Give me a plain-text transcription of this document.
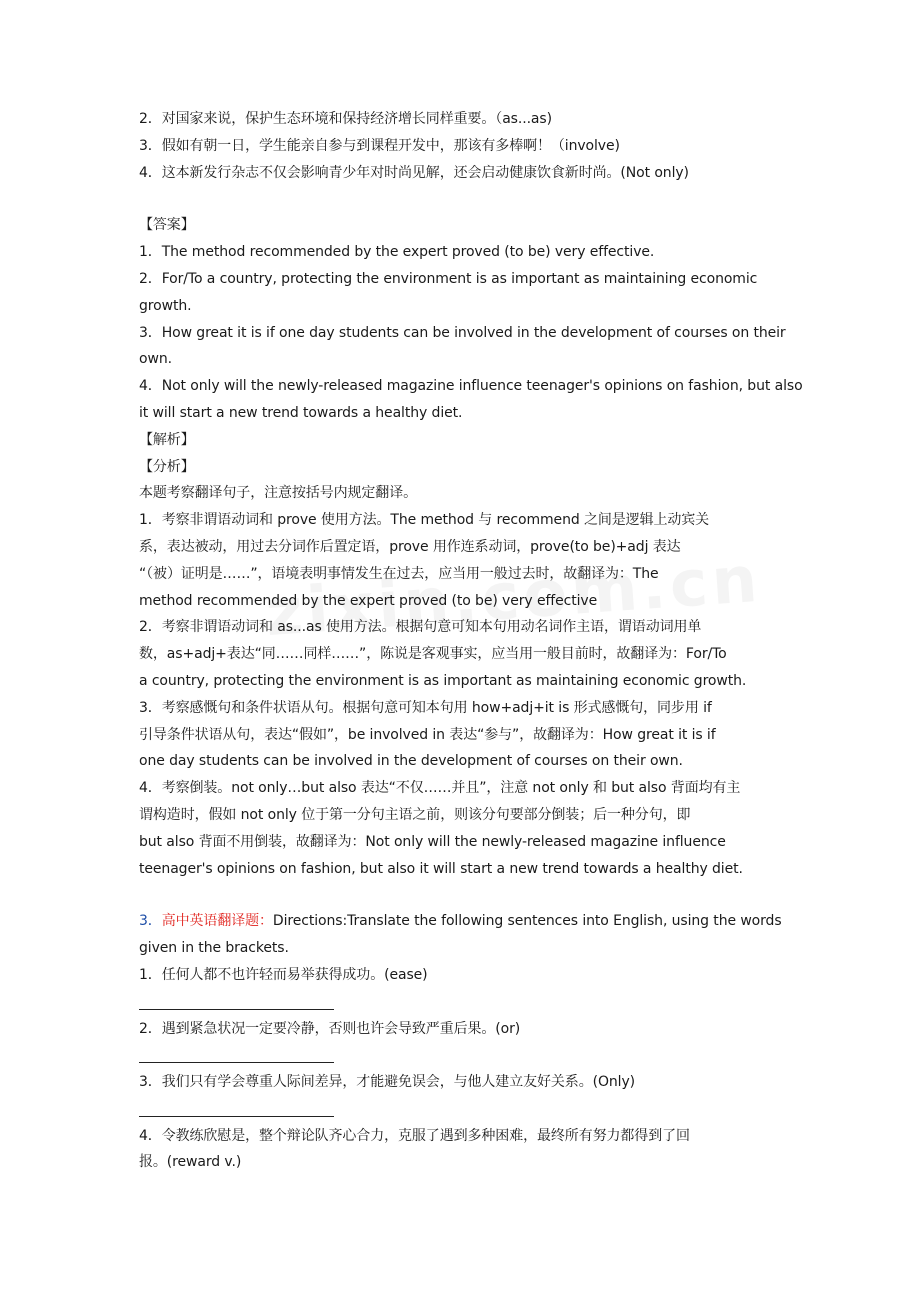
2．对国家来说，保护生态环境和保持经济增长同样重要。（as...as)
3．假如有朝一日，学生能亲自参与到课程开发中，那该有多棒啊！（involve)
4．这本新发行杂志不仅会影响青少年对时尚见解，还会启动健康饮食新时尚。(Not only)
【答案】
1．The method recommended by the expert proved (to be) very effective.
2．For/To a country, protecting the environment is as important as maintaining economic
growth.
3．How great it is if one day students can be involved in the development of courses on their
own.
4．Not only will the newly-released magazine influence teenager's opinions on fashion, but also
it will start a new trend towards a healthy diet.
【解析】
【分析】
本题考察翻译句子，注意按括号内规定翻译。
1．考察非谓语动词和 prove 使用方法。The method 与 recommend 之间是逻辑上动宾关
系，表达被动，用过去分词作后置定语，prove 用作连系动词，prove(to be)+adj 表达
“（被）证明是……”，语境表明事情发生在过去，应当用一般过去时，故翻译为：The
method recommended by the expert proved (to be) very effective
2．考察非谓语动词和 as...as 使用方法。根据句意可知本句用动名词作主语，谓语动词用单
数，as+adj+表达“同……同样……”，陈说是客观事实，应当用一般目前时，故翻译为：For/To
a country, protecting the environment is as important as maintaining economic growth.
3．考察感慨句和条件状语从句。根据句意可知本句用 how+adj+it is 形式感慨句，同步用 if
引导条件状语从句，表达“假如”，be involved in 表达“参与”，故翻译为：How great it is if
one day students can be involved in the development of courses on their own.
4．考察倒装。not only…but also 表达“不仅……并且”，注意 not only 和 but also 背面均有主
谓构造时，假如 not only 位于第一分句主语之前，则该分句要部分倒装；后一种分句，即
but also 背面不用倒装，故翻译为：Not only will the newly-released magazine influence
teenager's opinions on fashion, but also it will start a new trend towards a healthy diet.
3．高中英语翻译题：Directions:Translate the following sentences into English, using the words
given in the brackets.
1．任何人都不也许轻而易举获得成功。(ease)
2．遇到紧急状况一定要冷静，否则也许会导致严重后果。(or)
3．我们只有学会尊重人际间差异，才能避免误会，与他人建立友好关系。(Only)
4．令教练欣慰是，整个辩论队齐心合力，克服了遇到多种困难，最终所有努力都得到了回
报。(reward v.)
